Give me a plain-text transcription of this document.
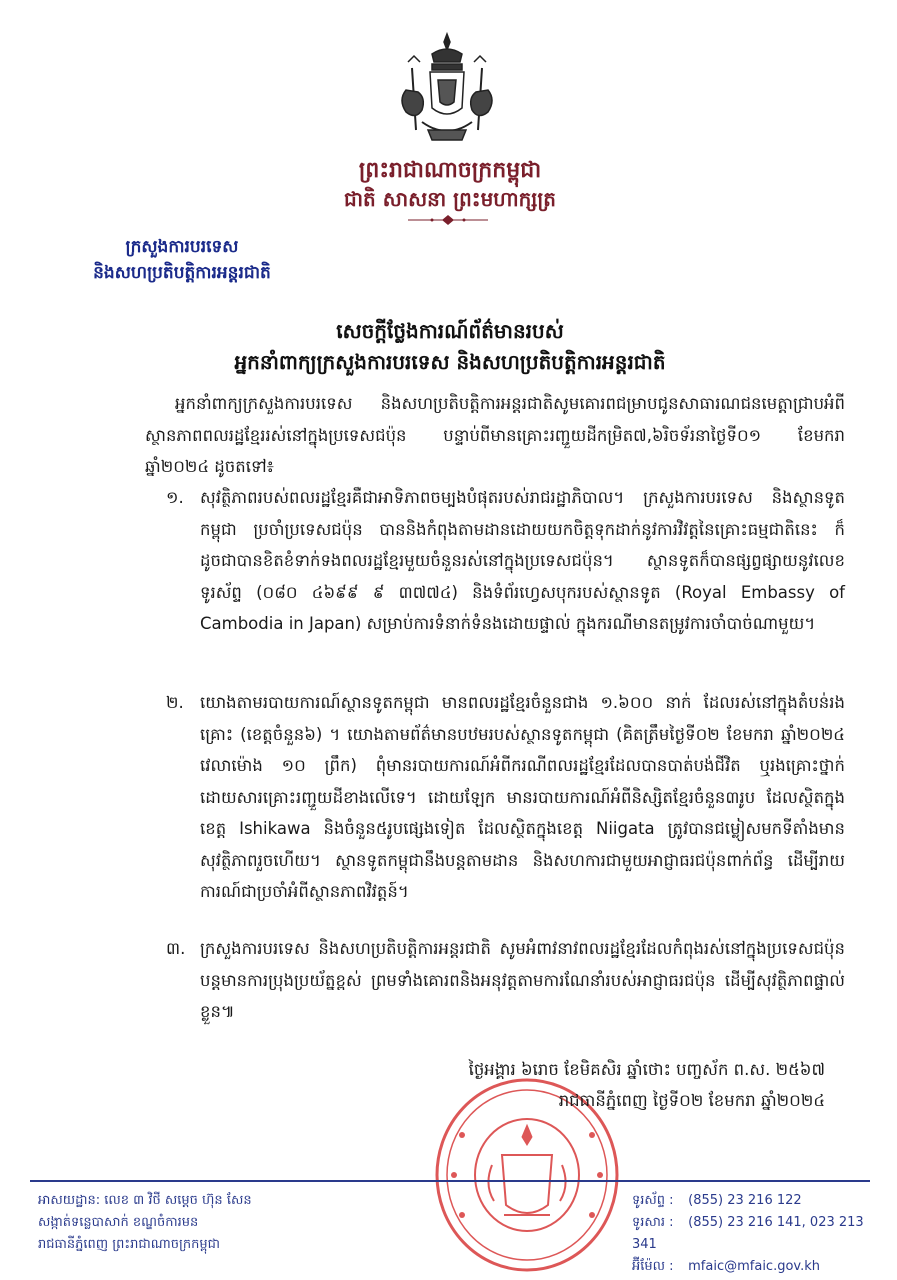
ព្រះរាជាណាចក្រកម្ពុជា
ជាតិ សាសនា ព្រះមហាក្សត្រ
ក្រសួងការបរទេស
និងសហប្រតិបត្តិការអន្តរជាតិ
សេចក្តីថ្លែងការណ៍ព័ត៌មានរបស់
អ្នកនាំពាក្យក្រសួងការបរទេស និងសហប្រតិបត្តិការអន្តរជាតិ
អ្នកនាំពាក្យក្រសួងការបរទេស និងសហប្រតិបត្តិការអន្តរជាតិសូមគោរពជម្រាបជូនសាធារណជនមេត្តាជ្រាបអំពីស្ថានភាពពលរដ្ឋខ្មែររស់នៅក្នុងប្រទេសជប៉ុន បន្ទាប់ពីមានគ្រោះរញ្ជួយដីកម្រិត៧,៦រិចទ័រនាថ្ងៃទី០១ ខែមករា ឆ្នាំ២០២៤ ដូចតទៅ៖
១. សុវត្ថិភាពរបស់ពលរដ្ឋខ្មែរគឺជាអាទិភាពចម្បងបំផុតរបស់រាជរដ្ឋាភិបាល។ ក្រសួងការបរទេស និងស្ថានទូតកម្ពុជា ប្រចាំប្រទេសជប៉ុន បាននិងកំពុងតាមដានដោយយកចិត្តទុកដាក់នូវការវិវត្តនៃគ្រោះធម្មជាតិនេះ ក៏ដូចជាបានខិតខំទាក់ទងពលរដ្ឋខ្មែរមួយចំនួនរស់នៅក្នុងប្រទេសជប៉ុន។ ស្ថានទូតក៏បានផ្សព្វផ្សាយនូវលេខទូរស័ព្ទ (០៨០ ៤៦៩៩ ៩ ៣៧៧៤) និងទំព័រហ្វេសបុករបស់ស្ថានទូត (Royal Embassy of Cambodia in Japan) សម្រាប់ការទំនាក់ទំនងដោយផ្ទាល់ ក្នុងករណីមានតម្រូវការចាំបាច់ណាមួយ។
២. យោងតាមរបាយការណ៍ស្ថានទូតកម្ពុជា មានពលរដ្ឋខ្មែរចំនួនជាង ១.៦០០ នាក់ ដែលរស់នៅក្នុងតំបន់រងគ្រោះ (ខេត្តចំនួន៦) ។ យោងតាមព័ត៌មានបឋមរបស់ស្ថានទូតកម្ពុជា (គិតត្រឹមថ្ងៃទី០២ ខែមករា ឆ្នាំ២០២៤ វេលាម៉ោង ១០ ព្រឹក) ពុំមានរបាយការណ៍អំពីករណីពលរដ្ឋខ្មែរដែលបានបាត់បង់ជីវិត ឬរងគ្រោះថ្នាក់ ដោយសារគ្រោះរញ្ជួយដីខាងលើទេ។ ដោយឡែក មានរបាយការណ៍អំពីនិស្សិតខ្មែរចំនួន៣រូប ដែលស្ថិតក្នុងខេត្ត Ishikawa និងចំនួន៥រូបផ្សេងទៀត ដែលស្ថិតក្នុងខេត្ត Niigata ត្រូវបានជម្លៀសមកទីតាំងមានសុវត្ថិភាពរួចហើយ។ ស្ថានទូតកម្ពុជានឹងបន្តតាមដាន និងសហការជាមួយអាជ្ញាធរជប៉ុនពាក់ព័ន្ធ ដើម្បីរាយការណ៍ជាប្រចាំអំពីស្ថានភាពវិវត្តន៍។
៣. ក្រសួងការបរទេស និងសហប្រតិបត្តិការអន្តរជាតិ សូមអំពាវនាវពលរដ្ឋខ្មែរដែលកំពុងរស់នៅក្នុងប្រទេសជប៉ុន បន្តមានការប្រុងប្រយ័ត្នខ្ពស់ ព្រមទាំងគោរពនិងអនុវត្តតាមការណែនាំរបស់អាជ្ញាធរជប៉ុន ដើម្បីសុវត្ថិភាពផ្ទាល់ខ្លួន៕
ថ្ងៃអង្គារ ៦រោច ខែមិគសិរ ឆ្នាំថោះ បញ្ចស័ក ព.ស. ២៥៦៧
រាជធានីភ្នំពេញ ថ្ងៃទី០២ ខែមករា ឆ្នាំ២០២៤
អាសយដ្ឋាន: លេខ ៣ វិថី សម្តេច ហ៊ុន សែន
សង្កាត់ទន្លេបាសាក់ ខណ្ឌចំការមន
រាជធានីភ្នំពេញ ព្រះរាជាណាចក្រកម្ពុជា
ទូរស័ព្ទ : (855) 23 216 122
ទូរសារ : (855) 23 216 141, 023 213 341
អ៊ីម៉ែល : mfaic@mfaic.gov.kh
